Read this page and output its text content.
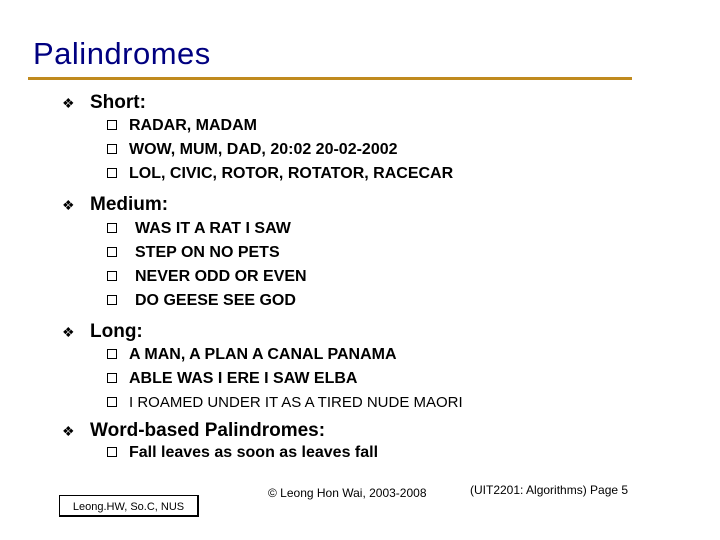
Palindromes
❖ Short:
RADAR, MADAM
WOW, MUM, DAD, 20:02 20-02-2002
LOL, CIVIC, ROTOR, ROTATOR, RACECAR
❖ Medium:
WAS IT A RAT I SAW
STEP ON NO PETS
NEVER ODD OR EVEN
DO GEESE SEE GOD
❖ Long:
A MAN, A PLAN A CANAL PANAMA
ABLE WAS I ERE I SAW ELBA
I ROAMED UNDER IT AS A TIRED NUDE MAORI
❖ Word-based Palindromes:
Fall leaves as soon as leaves fall
Leong.HW, So.C, NUS
© Leong Hon Wai, 2003-2008	(UIT2201: Algorithms) Page 5
